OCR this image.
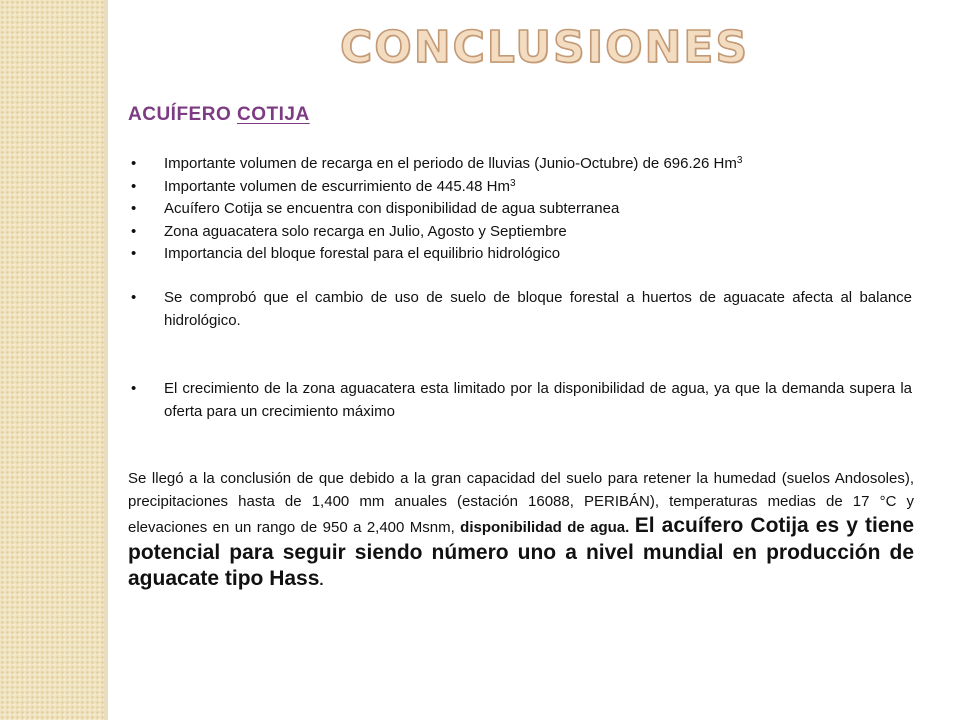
CONCLUSIONES
ACUÍFERO COTIJA
• Importante volumen de recarga en el periodo de lluvias (Junio-Octubre) de 696.26 Hm$^3$
• Importante volumen de escurrimiento de 445.48 Hm$^3$
• Acuífero Cotija se encuentra con disponibilidad de agua subterranea
• Zona aguacatera solo recarga en Julio, Agosto y Septiembre
• Importancia del bloque forestal para el equilibrio hidrológico
• Se comprobó que el cambio de uso de suelo de bloque forestal a huertos de aguacate afecta al balance hidrológico.
• El crecimiento de la zona aguacatera esta limitado por la disponibilidad de agua, ya que la demanda supera la oferta para un crecimiento máximo
Se llegó a la conclusión de que debido a la gran capacidad del suelo para retener la humedad (suelos Andosoles), precipitaciones hasta de 1,400 mm anuales (estación 16088, PERIBÁN), temperaturas medias de 17 °C y elevaciones en un rango de 950 a 2,400 Msnm, disponibilidad de agua. El acuífero Cotija es y tiene potencial para seguir siendo número uno a nivel mundial en producción de aguacate tipo Hass.
